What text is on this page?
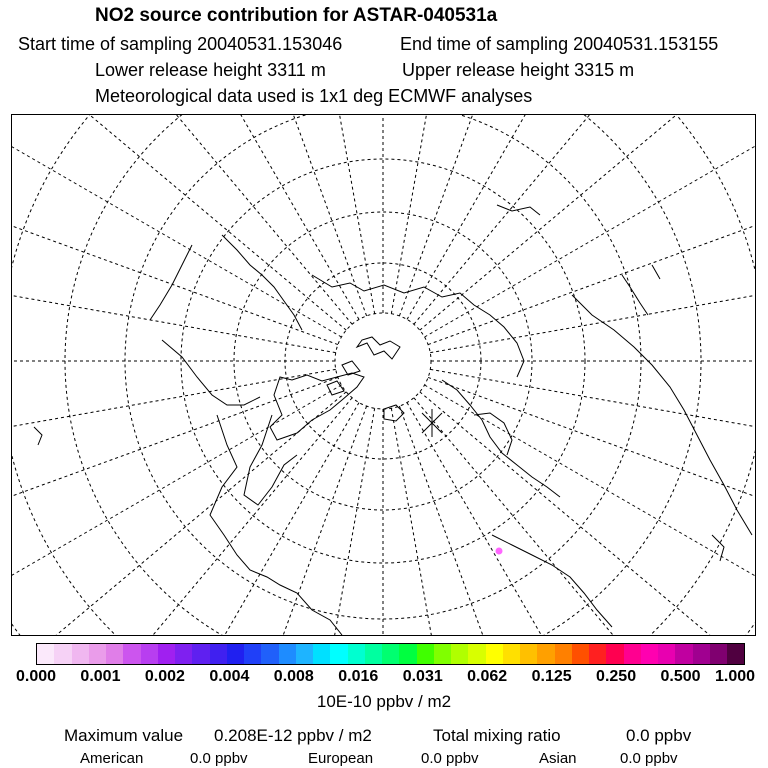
NO2 source contribution for ASTAR-040531a
Start time of sampling 20040531.153046	End time of sampling 20040531.153155
Lower release height 3311 m	Upper release height 3315 m
Meteorological data used is 1x1 deg ECMWF analyses
0.000 0.001 0.002 0.004 0.008 0.016 0.031 0.062 0.125 0.250 0.500 1.000
10E-10 ppbv / m2
Maximum value 0.208E-12 ppbv / m2	Total mixing ratio	0.0 ppbv
American	0.0 ppbv	European	0.0 ppbv	Asian	0.0 ppbv
